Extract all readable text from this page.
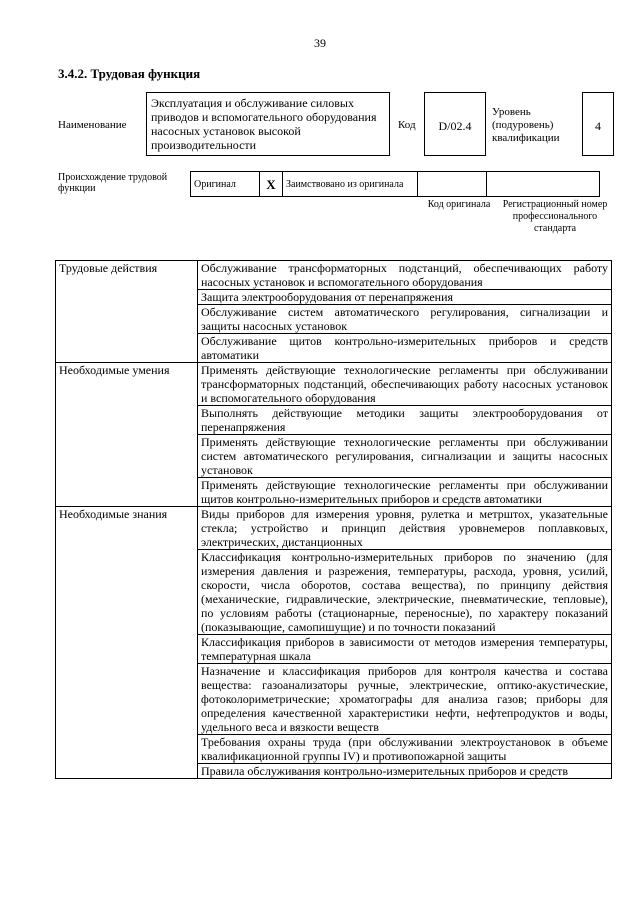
39
3.4.2. Трудовая функция
Наименование
Эксплуатация и обслуживание силовых приводов и вспомогательного оборудования насосных установок высокой производительности
Код	D/02.4
Уровень (подуровень) квалификации
4
Происхождение трудовой функции	Оригинал	X	Заимствовано из оригинала		
Код оригинала	Регистрационный номер профессионального стандарта
Трудовые действия	Обслуживание трансформаторных подстанций, обеспечивающих работу насосных установок и вспомогательного оборудования
	Защита электрооборудования от перенапряжения
	Обслуживание систем автоматического регулирования, сигнализации и защиты насосных установок
	Обслуживание щитов контрольно-измерительных приборов и средств автоматики
Необходимые умения	Применять действующие технологические регламенты при обслуживании трансформаторных подстанций, обеспечивающих работу насосных установок и вспомогательного оборудования
	Выполнять действующие методики защиты электрооборудования от перенапряжения
	Применять действующие технологические регламенты при обслуживании систем автоматического регулирования, сигнализации и защиты насосных установок
	Применять действующие технологические регламенты при обслуживании щитов контрольно-измерительных приборов и средств автоматики
Необходимые знания	Виды приборов для измерения уровня, рулетка и метрштох, указательные стекла; устройство и принцип действия уровнемеров поплавковых, электрических, дистанционных
	Классификация контрольно-измерительных приборов по значению (для измерения давления и разрежения, температуры, расхода, уровня, усилий, скорости, числа оборотов, состава вещества), по принципу действия (механические, гидравлические, электрические, пневматические, тепловые), по условиям работы (стационарные, переносные), по характеру показаний (показывающие, самопишущие) и по точности показаний
	Классификация приборов в зависимости от методов измерения температуры, температурная шкала
	Назначение и классификация приборов для контроля качества и состава вещества: газоанализаторы ручные, электрические, оптико-акустические, фотоколориметрические; хроматографы для анализа газов; приборы для определения качественной характеристики нефти, нефтепродуктов и воды, удельного веса и вязкости веществ
	Требования охраны труда (при обслуживании электроустановок в объеме квалификационной группы IV) и противопожарной защиты
	Правила обслуживания контрольно-измерительных приборов и средств
